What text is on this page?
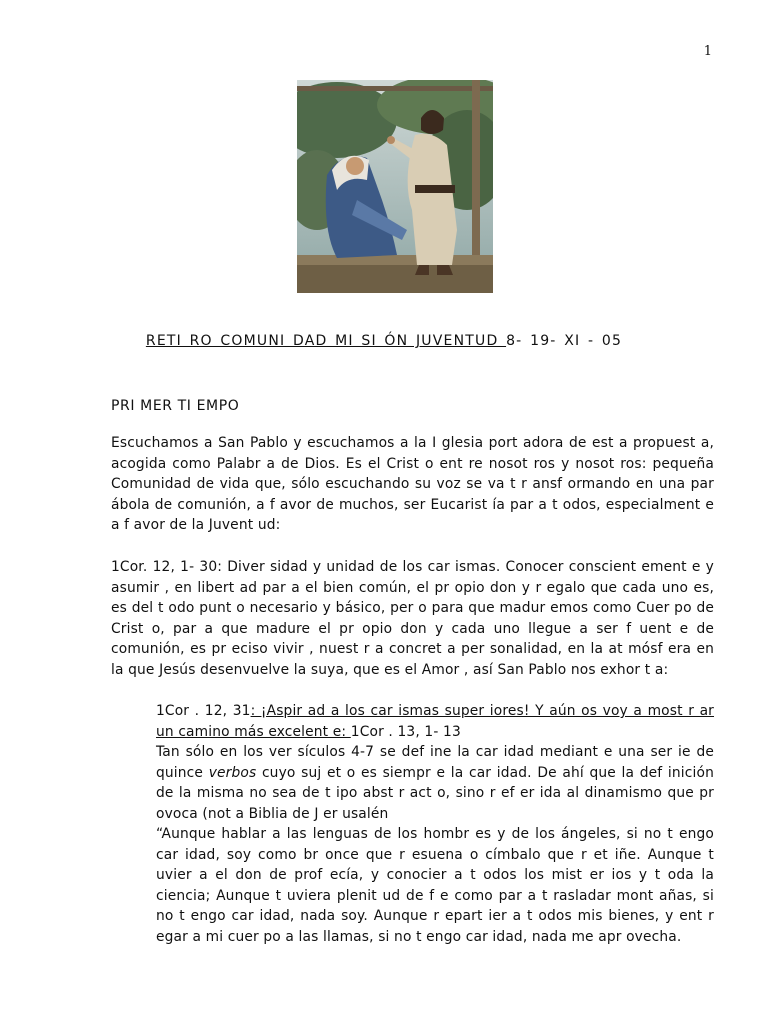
1
RETI RO COMUNI DAD MI SI ÓN JUVENTUD 8- 19- XI - 05
PRI MER TI EMPO
Escuchamos a San Pablo y escuchamos a la I glesia port adora de est a propuest a, acogida como Palabr a de Dios. Es el Crist o ent re nosot ros y nosot ros: pequeña Comunidad de vida que, sólo escuchando su voz se va t r ansf ormando en una par ábola de comunión, a f avor de muchos, ser Eucarist ía par a t odos, especialment e a f avor de la Juvent ud:
1Cor. 12, 1- 30: Diver sidad y unidad de los car ismas. Conocer conscient ement e y asumir , en libert ad par a el bien común, el pr opio don y r egalo que cada uno es, es del t odo punt o necesario y básico, per o para que madur emos como Cuer po de Crist o, par a que madure el pr opio don y cada uno llegue a ser f uent e de comunión, es pr eciso vivir , nuest r a concret a per sonalidad, en la at mósf era en la que Jesús desenvuelve la suya, que es el Amor , así San Pablo nos exhor t a:
1Cor . 12, 31: ¡Aspir ad a los car ismas super iores! Y aún os voy a most r ar un camino más excelent e: 1Cor . 13, 1- 13
Tan sólo en los ver sículos 4-7 se def ine la car idad mediant e una ser ie de quince verbos cuyo suj et o es siempr e la car idad. De ahí que la def inición de la misma no sea de t ipo abst r act o, sino r ef er ida al dinamismo que pr ovoca (not a Biblia de J er usalén
“Aunque hablar a las lenguas de los hombr es y de los ángeles, si no t engo car idad, soy como br once que r esuena o címbalo que r et iñe. Aunque t uvier a el don de prof ecía, y conocier a t odos los mist er ios y t oda la ciencia; Aunque t uviera plenit ud de f e como par a t rasladar mont añas, si no t engo car idad, nada soy. Aunque r epart ier a t odos mis bienes, y ent r egar a mi cuer po a las llamas, si no t engo car idad, nada me apr ovecha.
